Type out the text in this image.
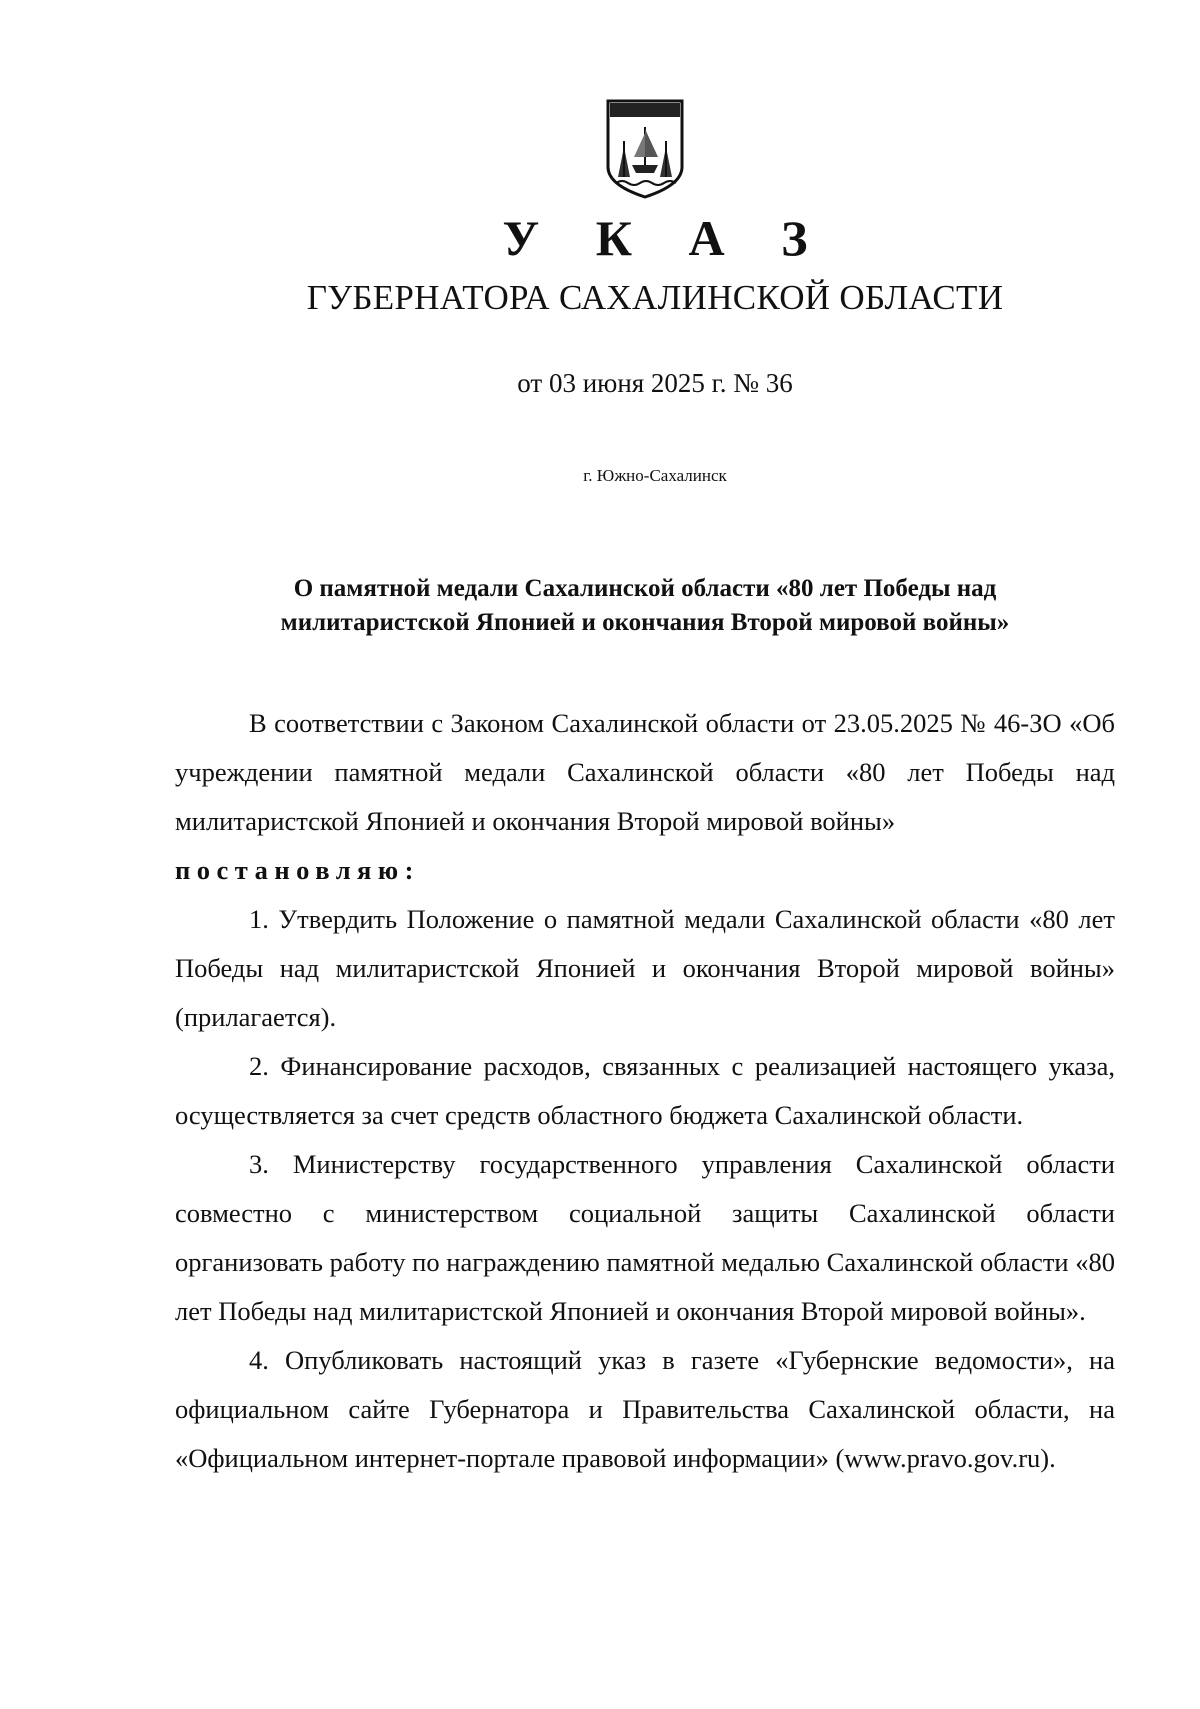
У К А З
ГУБЕРНАТОРА САХАЛИНСКОЙ ОБЛАСТИ
от 03 июня 2025 г. № 36
г. Южно-Сахалинск
О памятной медали Сахалинской области «80 лет Победы над
милитаристской Японией и окончания Второй мировой войны»

В соответствии с Законом Сахалинской области от 23.05.2025 № 46-ЗО «Об учреждении памятной медали Сахалинской области «80 лет Победы над милитаристской Японией и окончания Второй мировой войны»

постановляю:

1. Утвердить Положение о памятной медали Сахалинской области «80 лет Победы над милитаристской Японией и окончания Второй мировой войны» (прилагается).

2. Финансирование расходов, связанных с реализацией настоящего указа, осуществляется за счет средств областного бюджета Сахалинской области.

3. Министерству государственного управления Сахалинской области совместно с министерством социальной защиты Сахалинской области организовать работу по награждению памятной медалью Сахалинской области «80 лет Победы над милитаристской Японией и окончания Второй мировой войны».

4. Опубликовать настоящий указ в газете «Губернские ведомости», на официальном сайте Губернатора и Правительства Сахалинской области, на «Официальном интернет-портале правовой информации» (www.pravo.gov.ru).
